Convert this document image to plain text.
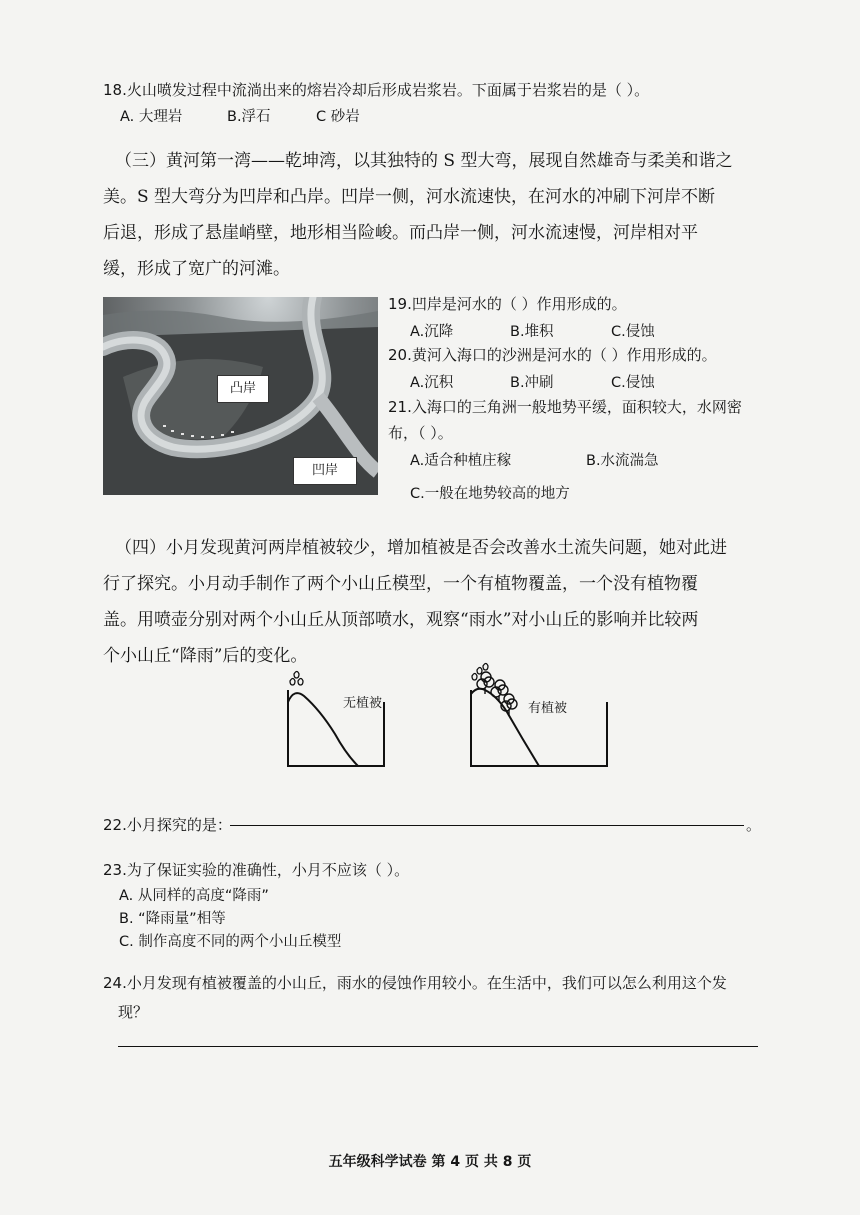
18.火山喷发过程中流淌出来的熔岩冷却后形成岩浆岩。下面属于岩浆岩的是（ ）。
A. 大理岩	B.浮石	C 砂岩
（三）黄河第一湾——乾坤湾，以其独特的 S 型大弯，展现自然雄奇与柔美和谐之
美。S 型大弯分为凹岸和凸岸。凹岸一侧，河水流速快，在河水的冲刷下河岸不断
后退，形成了悬崖峭壁，地形相当险峻。而凸岸一侧，河水流速慢，河岸相对平
缓，形成了宽广的河滩。
凸岸
凹岸
19.凹岸是河水的（ ）作用形成的。
A.沉降	B.堆积	C.侵蚀
20.黄河入海口的沙洲是河水的（ ）作用形成的。
A.沉积	B.冲刷	C.侵蚀
21.入海口的三角洲一般地势平缓，面积较大，水网密
布，（ ）。
A.适合种植庄稼	B.水流湍急
C.一般在地势较高的地方
（四）小月发现黄河两岸植被较少，增加植被是否会改善水土流失问题，她对此进
行了探究。小月动手制作了两个小山丘模型，一个有植物覆盖，一个没有植物覆
盖。用喷壶分别对两个小山丘从顶部喷水，观察“雨水”对小山丘的影响并比较两
个小山丘“降雨”后的变化。
无植被	有植被
22.小月探究的是：	。
23.为了保证实验的准确性，小月不应该（ ）。
A. 从同样的高度“降雨”
B. “降雨量”相等
C. 制作高度不同的两个小山丘模型
24.小月发现有植被覆盖的小山丘，雨水的侵蚀作用较小。在生活中，我们可以怎么利用这个发
现？
五年级科学试卷 第 4 页 共 8 页
